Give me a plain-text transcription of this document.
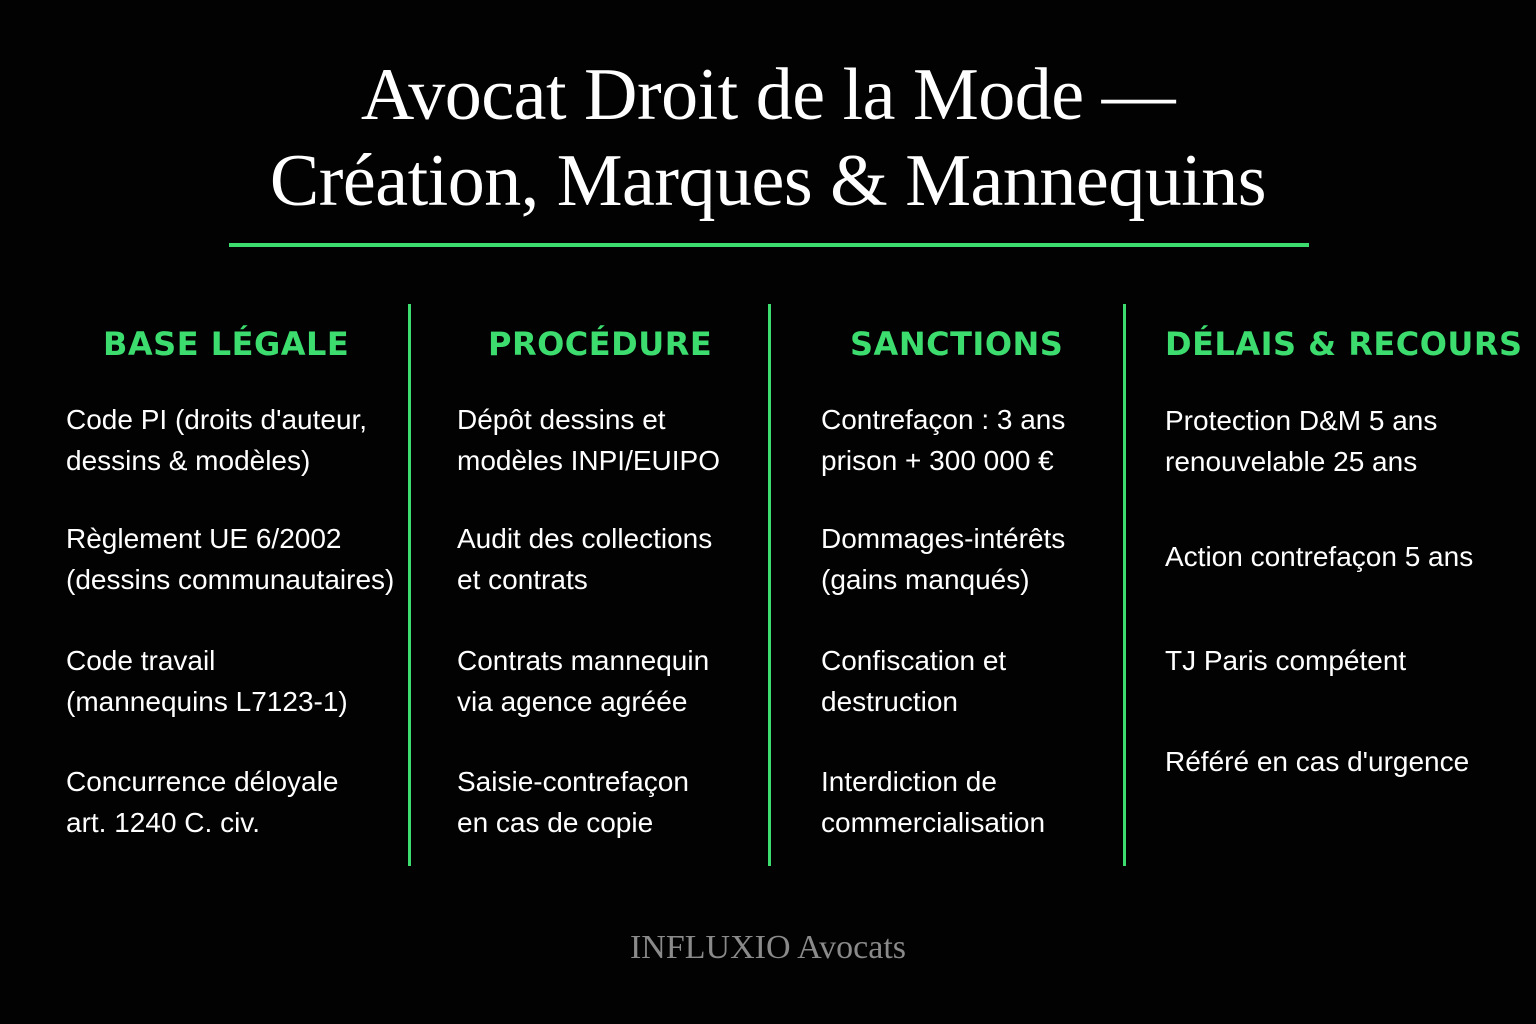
Avocat Droit de la Mode —
Création, Marques & Mannequins
BASE LÉGALE
Code PI (droits d'auteur,
dessins & modèles)
Règlement UE 6/2002
(dessins communautaires)
Code travail
(mannequins L7123-1)
Concurrence déloyale
art. 1240 C. civ.
PROCÉDURE
Dépôt dessins et
modèles INPI/EUIPO
Audit des collections
et contrats
Contrats mannequin
via agence agréée
Saisie-contrefaçon
en cas de copie
SANCTIONS
Contrefaçon : 3 ans
prison + 300 000 €
Dommages-intérêts
(gains manqués)
Confiscation et
destruction
Interdiction de
commercialisation
DÉLAIS & RECOURS
Protection D&M 5 ans
renouvelable 25 ans
Action contrefaçon 5 ans
TJ Paris compétent
Référé en cas d'urgence
INFLUXIO Avocats
